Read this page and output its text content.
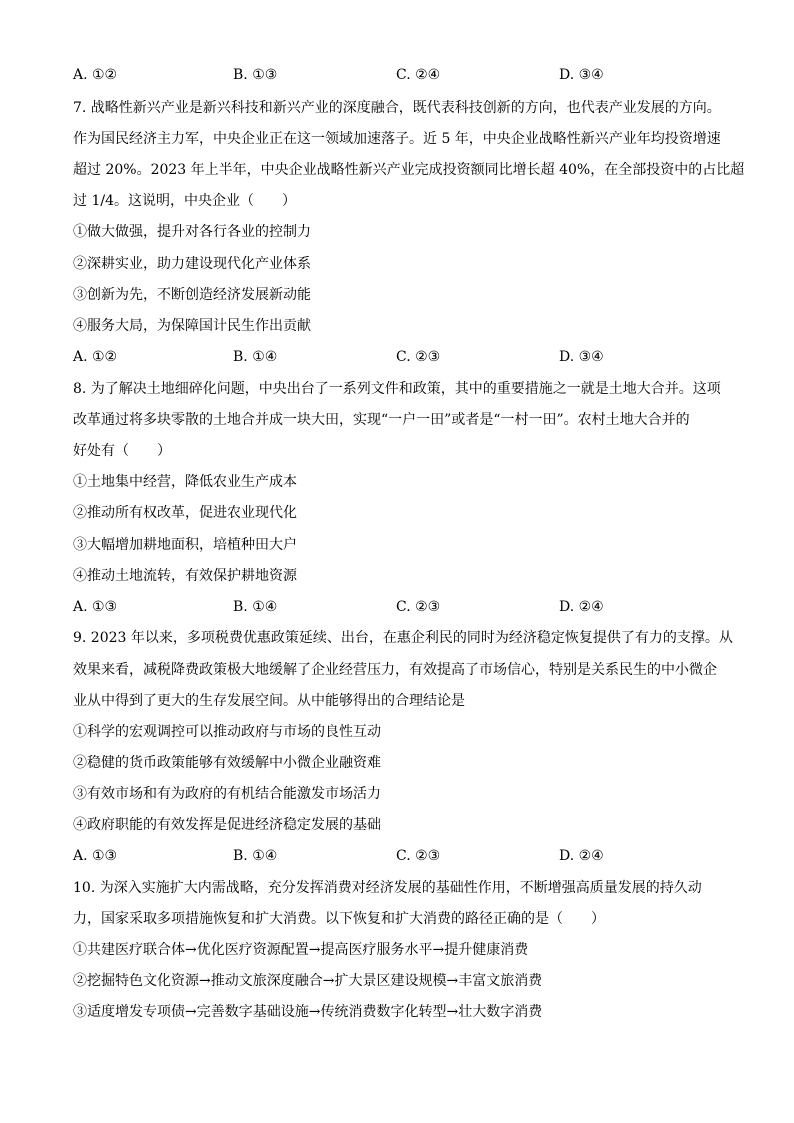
A. ①②	B. ①③	C. ②④	D. ③④
7. 战略性新兴产业是新兴科技和新兴产业的深度融合，既代表科技创新的方向，也代表产业发展的方向。
作为国民经济主力军，中央企业正在这一领域加速落子。近 5 年，中央企业战略性新兴产业年均投资增速
超过 20%。2023 年上半年，中央企业战略性新兴产业完成投资额同比增长超 40%，在全部投资中的占比超
过 1/4。这说明，中央企业（　　）
①做大做强，提升对各行各业的控制力
②深耕实业，助力建设现代化产业体系
③创新为先，不断创造经济发展新动能
④服务大局，为保障国计民生作出贡献
A. ①②	B. ①④	C. ②③	D. ③④
8. 为了解决土地细碎化问题，中央出台了一系列文件和政策，其中的重要措施之一就是土地大合并。这项
改革通过将多块零散的土地合并成一块大田，实现“一户一田”或者是“一村一田”。农村土地大合并的
好处有（　　）
①土地集中经营，降低农业生产成本
②推动所有权改革，促进农业现代化
③大幅增加耕地面积，培植种田大户
④推动土地流转，有效保护耕地资源
A. ①③	B. ①④	C. ②③	D. ②④
9. 2023 年以来，多项税费优惠政策延续、出台，在惠企利民的同时为经济稳定恢复提供了有力的支撑。从
效果来看，减税降费政策极大地缓解了企业经营压力，有效提高了市场信心，特别是关系民生的中小微企
业从中得到了更大的生存发展空间。从中能够得出的合理结论是
①科学的宏观调控可以推动政府与市场的良性互动
②稳健的货币政策能够有效缓解中小微企业融资难
③有效市场和有为政府的有机结合能激发市场活力
④政府职能的有效发挥是促进经济稳定发展的基础
A. ①③	B. ①④	C. ②③	D. ②④
10. 为深入实施扩大内需战略，充分发挥消费对经济发展的基础性作用，不断增强高质量发展的持久动
力，国家采取多项措施恢复和扩大消费。以下恢复和扩大消费的路径正确的是（　　）
①共建医疗联合体→优化医疗资源配置→提高医疗服务水平→提升健康消费
②挖掘特色文化资源→推动文旅深度融合→扩大景区建设规模→丰富文旅消费
③适度增发专项债→完善数字基础设施→传统消费数字化转型→壮大数字消费
